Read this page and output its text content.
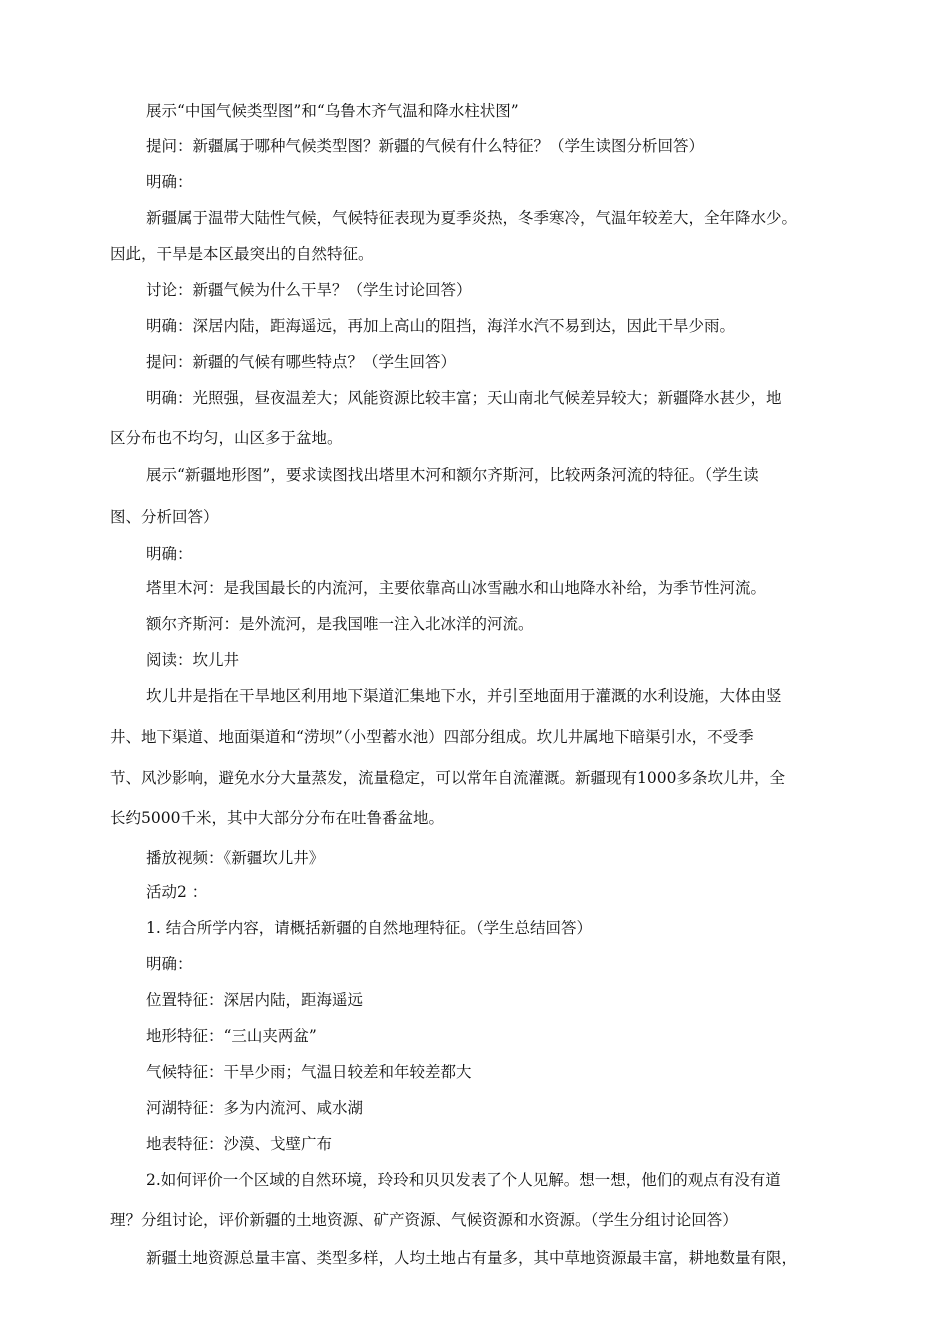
展示“中国气候类型图”和“乌鲁木齐气温和降水柱状图”
提问：新疆属于哪种气候类型图？新疆的气候有什么特征？（学生读图分析回答）
明确：
新疆属于温带大陆性气候，气候特征表现为夏季炎热，冬季寒冷，气温年较差大，全年降水少。
因此，干旱是本区最突出的自然特征。
讨论：新疆气候为什么干旱？（学生讨论回答）
明确：深居内陆，距海遥远，再加上高山的阻挡，海洋水汽不易到达，因此干旱少雨。
提问：新疆的气候有哪些特点？（学生回答）
明确：光照强，昼夜温差大；风能资源比较丰富；天山南北气候差异较大；新疆降水甚少，地
区分布也不均匀，山区多于盆地。
展示“新疆地形图”，要求读图找出塔里木河和额尔齐斯河，比较两条河流的特征。（学生读
图、分析回答）
明确：
塔里木河：是我国最长的内流河，主要依靠高山冰雪融水和山地降水补给，为季节性河流。
额尔齐斯河：是外流河，是我国唯一注入北冰洋的河流。
阅读：坎儿井
坎儿井是指在干旱地区利用地下渠道汇集地下水，并引至地面用于灌溉的水利设施，大体由竖
井、地下渠道、地面渠道和“涝坝”（小型蓄水池）四部分组成。坎儿井属地下暗渠引水，不受季
节、风沙影响，避免水分大量蒸发，流量稳定，可以常年自流灌溉。新疆现有1000多条坎儿井，全
长约5000千米，其中大部分分布在吐鲁番盆地。
播放视频：《新疆坎儿井》
活动2 ：
1. 结合所学内容，请概括新疆的自然地理特征。（学生总结回答）
明确：
位置特征：深居内陆，距海遥远
地形特征：“三山夹两盆”
气候特征：干旱少雨；气温日较差和年较差都大
河湖特征：多为内流河、咸水湖
地表特征：沙漠、戈壁广布
2.如何评价一个区域的自然环境，玲玲和贝贝发表了个人见解。想一想，他们的观点有没有道
理？分组讨论，评价新疆的土地资源、矿产资源、气候资源和水资源。（学生分组讨论回答）
新疆土地资源总量丰富、类型多样，人均土地占有量多，其中草地资源最丰富，耕地数量有限，
